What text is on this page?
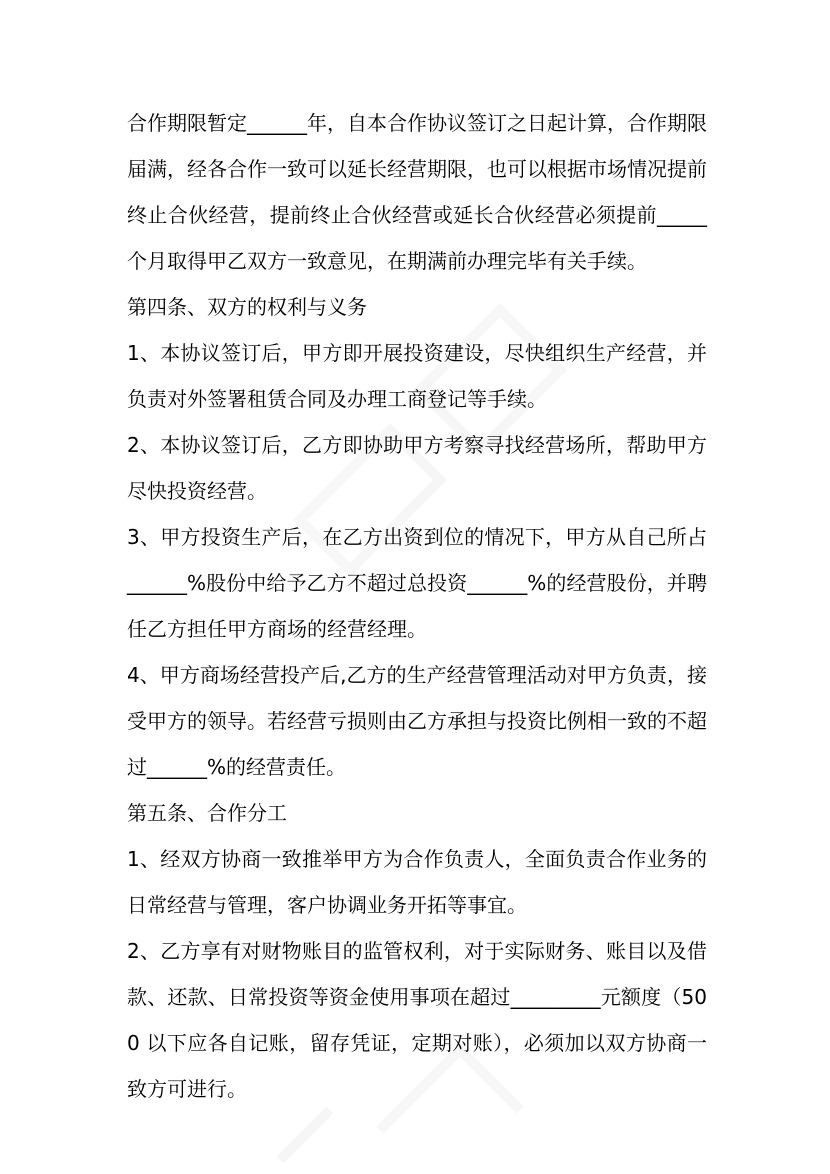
合作期限暂定______年，自本合作协议签订之日起计算，合作期限届满，经各合作一致可以延长经营期限，也可以根据市场情况提前终止合伙经营，提前终止合伙经营或延长合伙经营必须提前_____个月取得甲乙双方一致意见，在期满前办理完毕有关手续。

第四条、双方的权利与义务

1、本协议签订后，甲方即开展投资建设，尽快组织生产经营，并负责对外签署租赁合同及办理工商登记等手续。

2、本协议签订后，乙方即协助甲方考察寻找经营场所，帮助甲方尽快投资经营。

3、甲方投资生产后，在乙方出资到位的情况下，甲方从自己所占______%股份中给予乙方不超过总投资______%的经营股份，并聘任乙方担任甲方商场的经营经理。

4、甲方商场经营投产后,乙方的生产经营管理活动对甲方负责，接受甲方的领导。若经营亏损则由乙方承担与投资比例相一致的不超过______%的经营责任。

第五条、合作分工

1、经双方协商一致推举甲方为合作负责人，全面负责合作业务的日常经营与管理，客户协调业务开拓等事宜。

2、乙方享有对财物账目的监管权利，对于实际财务、账目以及借款、还款、日常投资等资金使用事项在超过_________元额度（500 以下应各自记账，留存凭证，定期对账），必须加以双方协商一致方可进行。
